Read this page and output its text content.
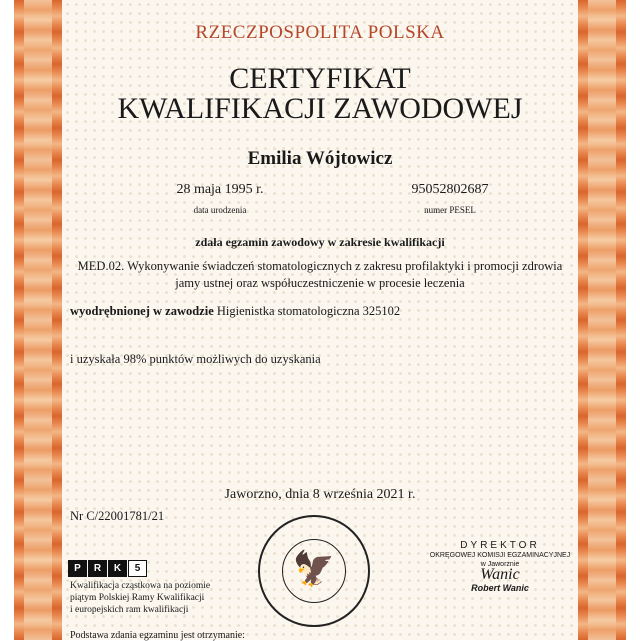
RZECZPOSPOLITA POLSKA
CERTYFIKAT
KWALIFIKACJI ZAWODOWEJ
Emilia Wójtowicz
28 maja 1995 r.
data urodzenia
95052802687
numer PESEL
zdała egzamin zawodowy w zakresie kwalifikacji
MED.02. Wykonywanie świadczeń stomatologicznych z zakresu profilaktyki i promocji zdrowia jamy ustnej oraz współuczestniczenie w procesie leczenia
wyodrębnionej w zawodzie Higienistka stomatologiczna 325102
i uzyskała 98% punktów możliwych do uzyskania
Jaworzno, dnia 8 września 2021 r.
Nr C/22001781/21
P	R	K	5
Kwalifikacja cząstkowa na poziomie
piątym Polskiej Ramy Kwalifikacji
i europejskich ram kwalifikacji
Podstawa zdania egzaminu jest otrzymanie:
🦅
DYREKTOR
OKRĘGOWEJ KOMISJI EGZAMINACYJNEJ
w Jaworznie
Wanic
Robert Wanic
